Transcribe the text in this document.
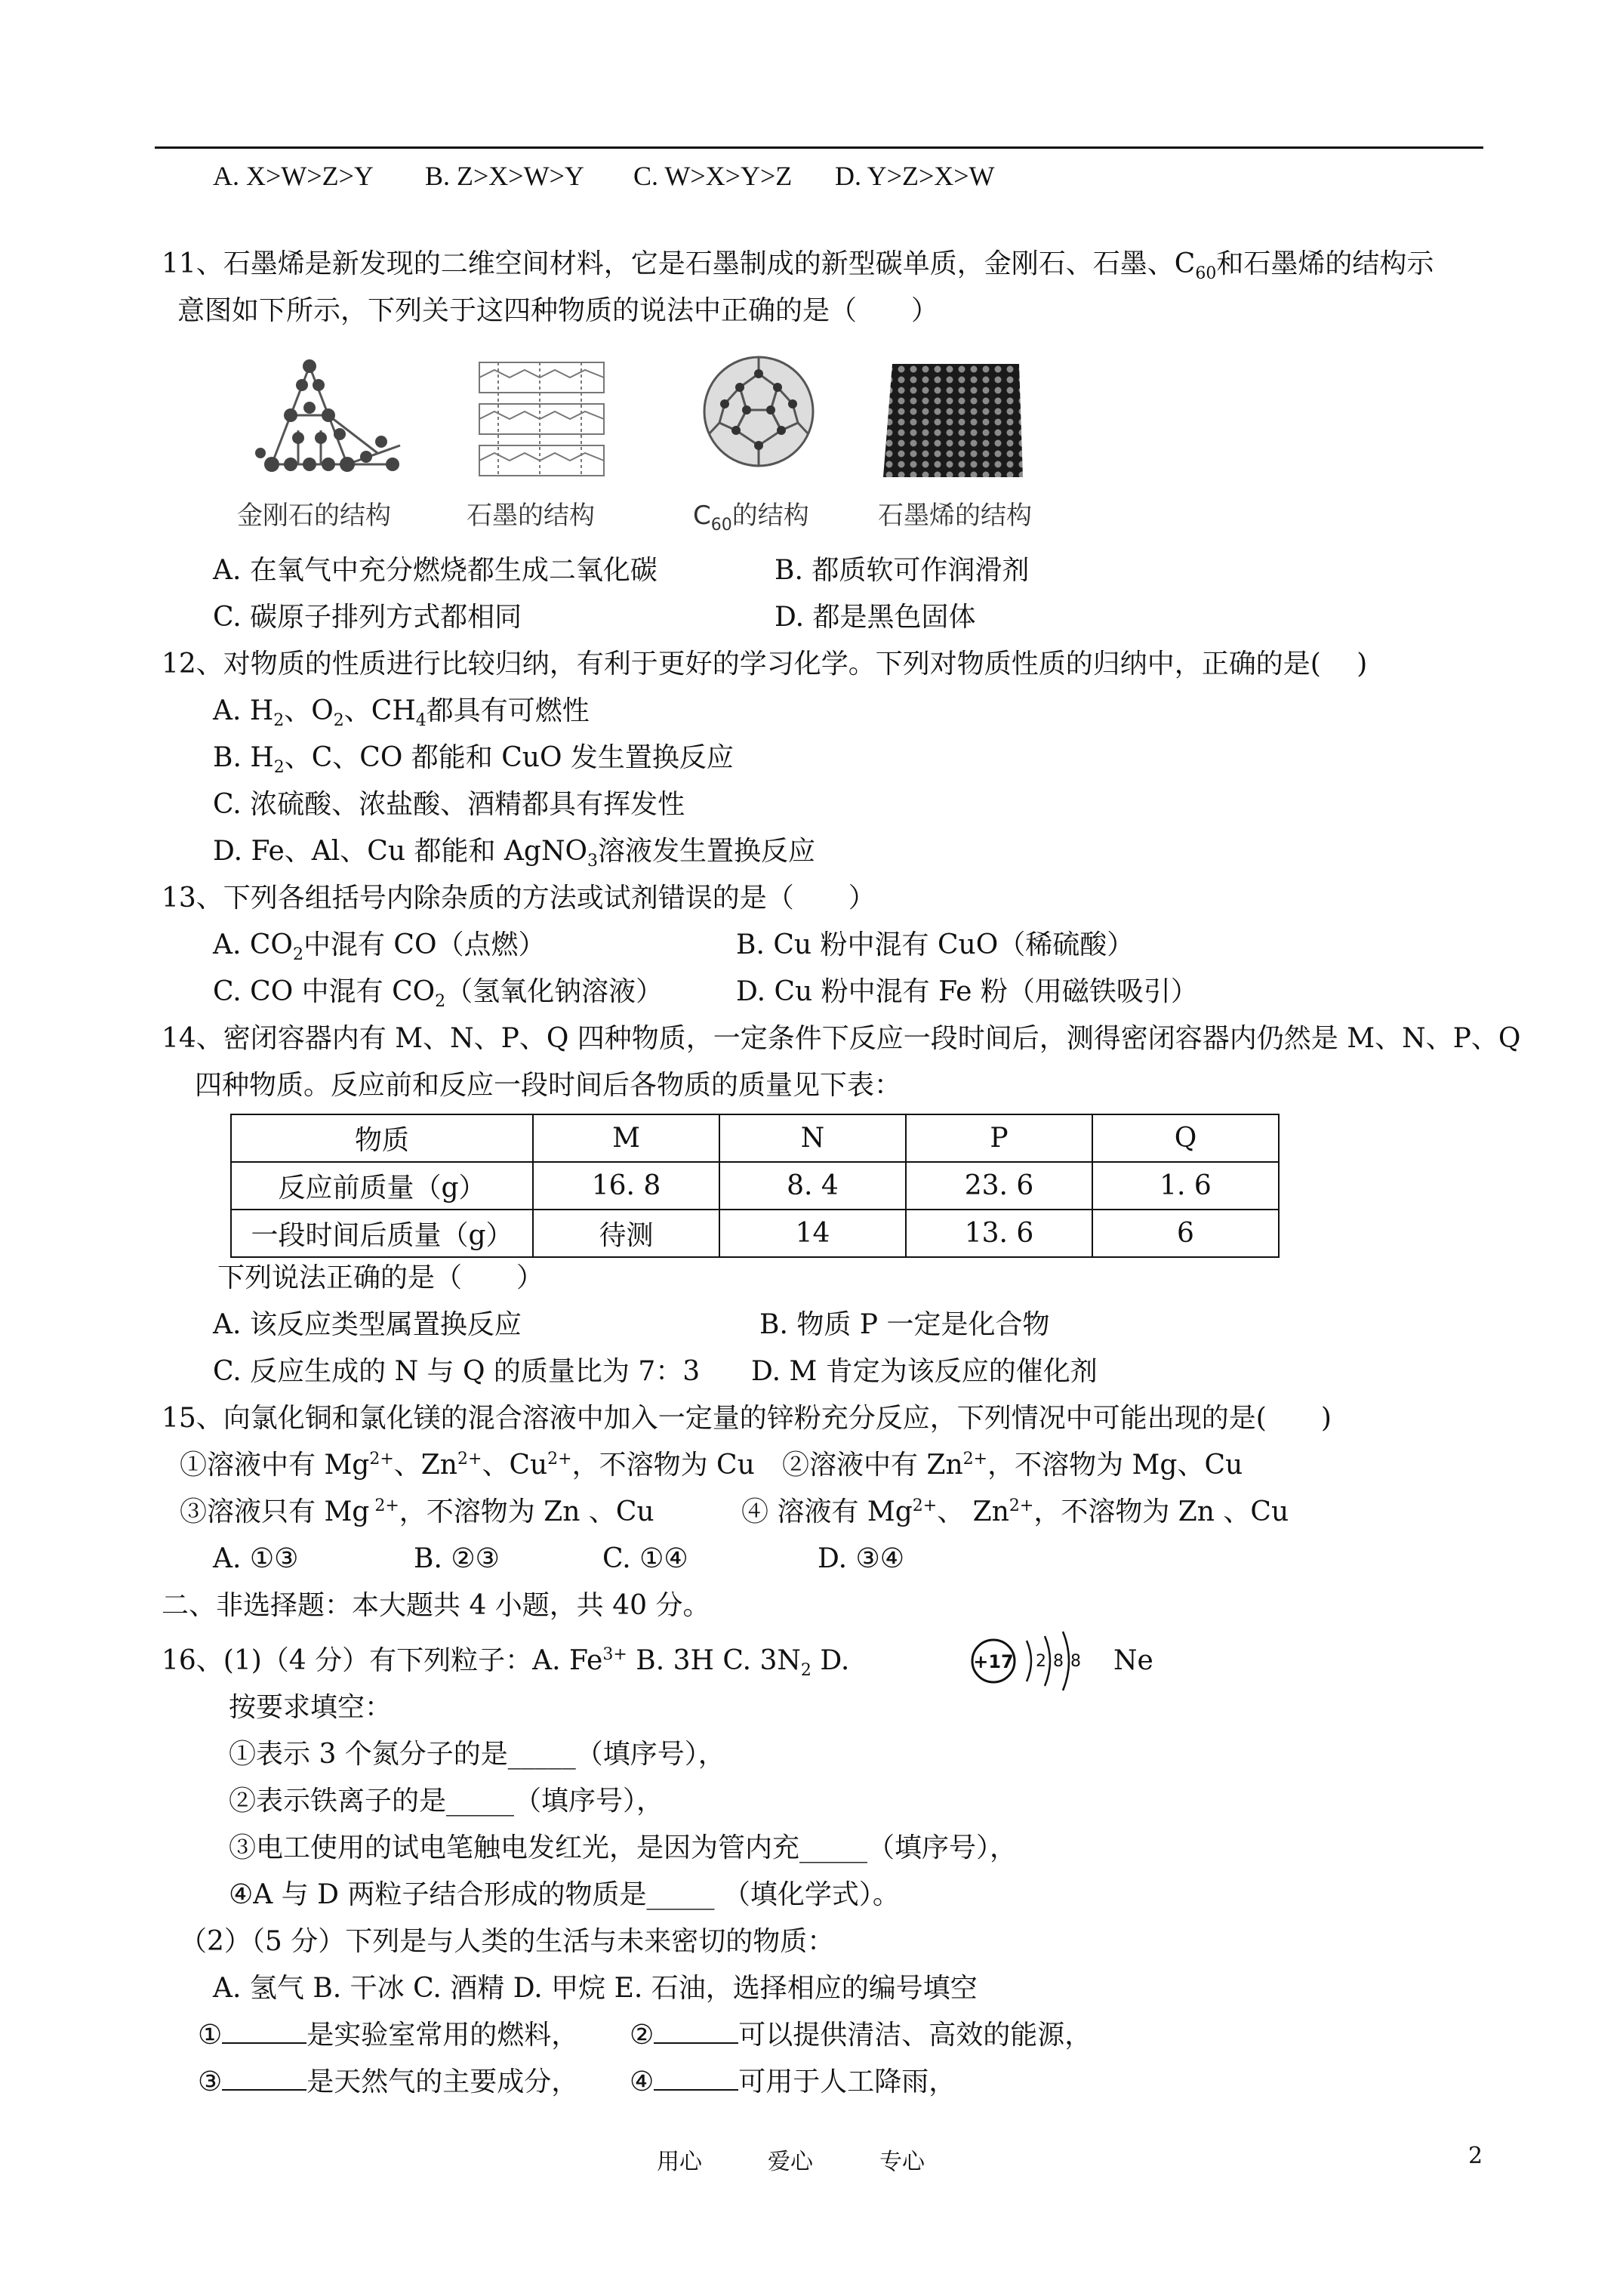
A. X>W>Z>Y B. Z>X>W>Y C. W>X>Y>Z D. Y>Z>X>W
11、石墨烯是新发现的二维空间材料，它是石墨制成的新型碳单质，金刚石、石墨、$C_{60}$和石墨烯的结构示
意图如下所示，下列关于这四种物质的说法中正确的是（　　）
金刚石的结构	石墨的结构	$C_{60}$的结构	石墨烯的结构
A. 在氧气中充分燃烧都生成二氧化碳	B. 都质软可作润滑剂
C. 碳原子排列方式都相同	D. 都是黑色固体
12、对物质的性质进行比较归纳，有利于更好的学习化学。下列对物质性质的归纳中，正确的是(　 )
A. $H_2$、$O_2$、$CH_4$都具有可燃性
B. $H_2$、C、CO 都能和 CuO 发生置换反应
C. 浓硫酸、浓盐酸、酒精都具有挥发性
D. Fe、Al、Cu 都能和 AgNO$_3$溶液发生置换反应
13、下列各组括号内除杂质的方法或试剂错误的是（　　）
A. $CO_2$中混有 CO（点燃）	B. Cu 粉中混有 CuO（稀硫酸）
C. CO 中混有 $CO_2$（氢氧化钠溶液）	D. Cu 粉中混有 Fe 粉（用磁铁吸引）
14、密闭容器内有 M、N、P、Q 四种物质，一定条件下反应一段时间后，测得密闭容器内仍然是 M、N、P、Q
四种物质。反应前和反应一段时间后各物质的质量见下表：
物质	M	N	P	Q
反应前质量（g）	16. 8	8. 4	23. 6	1. 6
一段时间后质量（g）	待测	14	13. 6	6
下列说法正确的是（　　）
A. 该反应类型属置换反应	B. 物质 P 一定是化合物
C. 反应生成的 N 与 Q 的质量比为 7：3 D. M 肯定为该反应的催化剂
15、向氯化铜和氯化镁的混合溶液中加入一定量的锌粉充分反应，下列情况中可能出现的是(　　)
①溶液中有 $Mg^{2+}$、$Zn^{2+}$、$Cu^{2+}$，不溶物为 Cu ②溶液中有 $Zn^{2+}$，不溶物为 Mg、Cu
③溶液只有 Mg $^{2+}$，不溶物为 Zn 、Cu	④ 溶液有 $Mg^{2+}$、 $Zn^{2+}$，不溶物为 Zn 、Cu
A. ①③	B. ②③	C. ①④	D. ③④
二、非选择题：本大题共 4 小题，共 40 分。
16、(1)（4 分）有下列粒子：A. $Fe^{3+}$ B. 3H C. $3N_2$ D.	+17 2 8 8 Ne
按要求填空：
①表示 3 个氮分子的是_____（填序号），
②表示铁离子的是_____（填序号），
③电工使用的试电笔触电发红光，是因为管内充_____（填序号），
④A 与 D 两粒子结合形成的物质是_____ （填化学式）。
（2）（5 分）下列是与人类的生活与未来密切的物质：
A. 氢气 B. 干冰 C. 酒精 D. 甲烷 E. 石油，选择相应的编号填空
①	是实验室常用的燃料， ②	可以提供清洁、高效的能源，
③	是天然气的主要成分， ④	可用于人工降雨，
用心	爱心	专心	2
